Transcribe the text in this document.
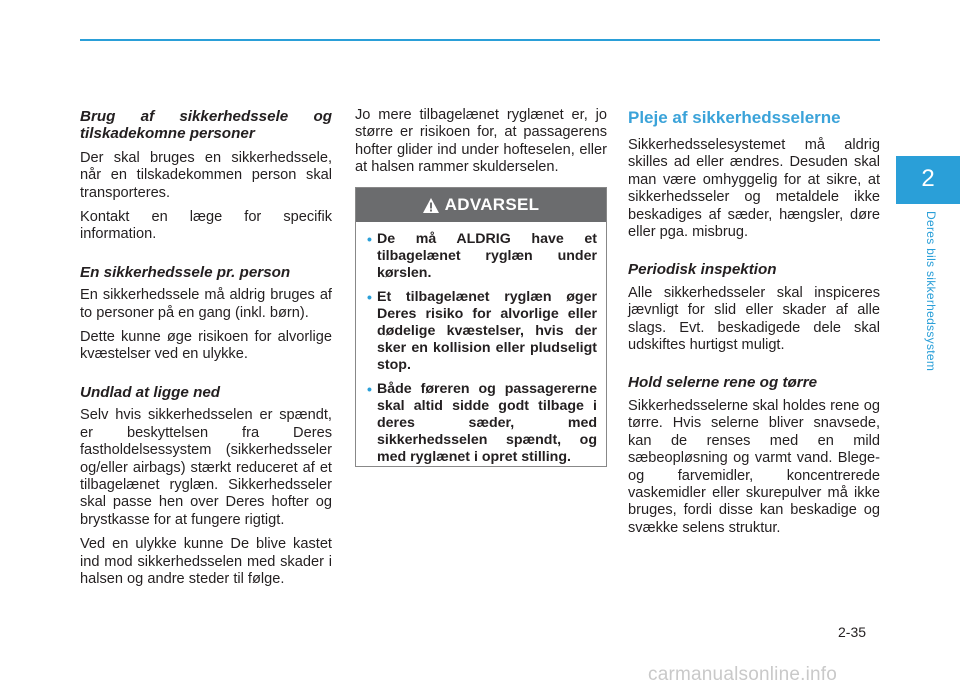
Brug af sikkerhedssele og tilskadekomne personer

Der skal bruges en sikkerhedssele, når en tilskadekommen person skal transporteres.

Kontakt en læge for specifik information.

En sikkerhedssele pr. person

En sikkerhedssele må aldrig bruges af to personer på en gang (inkl. børn).

Dette kunne øge risikoen for alvorlige kvæstelser ved en ulykke.

Undlad at ligge ned

Selv hvis sikkerhedsselen er spændt, er beskyttelsen fra Deres fastholdelsessystem (sikkerhedsseler og/eller airbags) stærkt reduceret af et tilbagelænet ryglæn. Sikkerhedsseler skal passe hen over Deres hofter og brystkasse for at fungere rigtigt.

Ved en ulykke kunne De blive kastet ind mod sikkerhedsselen med skader i halsen og andre steder til følge.

Jo mere tilbagelænet ryglænet er, jo større er risikoen for, at passagerens hofter glider ind under hofteselen, eller at halsen rammer skulderselen.

ADVARSEL
• De må ALDRIG have et tilbagelænet ryglæn under kørslen.
• Et tilbagelænet ryglæn øger Deres risiko for alvorlige eller dødelige kvæstelser, hvis der sker en kollision eller pludseligt stop.
• Både føreren og passagererne skal altid sidde godt tilbage i deres sæder, med sikkerhedsselen spændt, og med ryglænet i opret stilling.
Pleje af sikkerhedsselerne

Sikkerhedsselesystemet må aldrig skilles ad eller ændres. Desuden skal man være omhyggelig for at sikre, at sikkerhedsseler og metaldele ikke beskadiges af sæder, hængsler, døre eller pga. misbrug.

Periodisk inspektion

Alle sikkerhedsseler skal inspiceres jævnligt for slid eller skader af alle slags. Evt. beskadigede dele skal udskiftes hurtigst muligt.

Hold selerne rene og tørre

Sikkerhedsselerne skal holdes rene og tørre. Hvis selerne bliver snavsede, kan de renses med en mild sæbeopløsning og varmt vand. Blege- og farvemidler, koncentrerede vaskemidler eller skurepulver må ikke bruges, fordi disse kan beskadige og svække selens struktur.

2
Deres bils sikkerhedssystem
2-35
carmanualsonline.info
